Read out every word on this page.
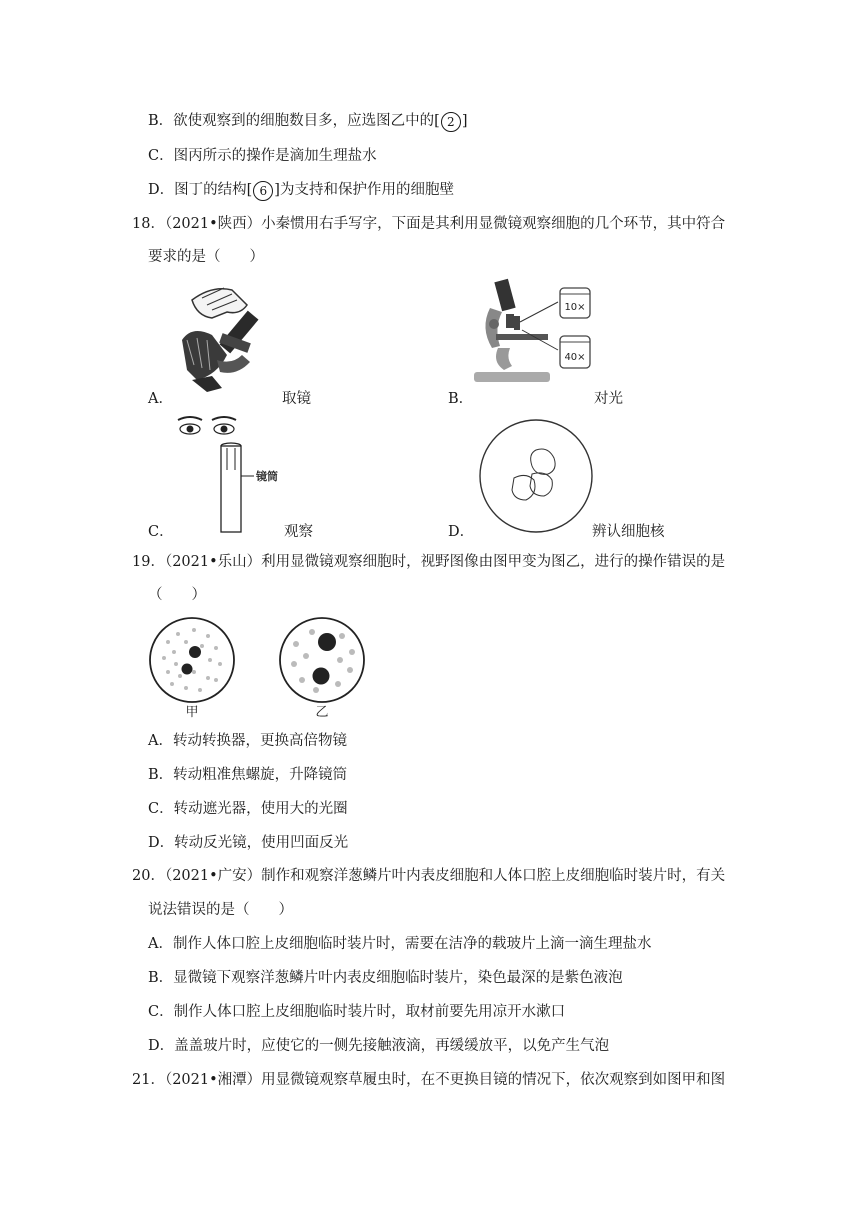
B．欲使观察到的细胞数目多，应选图乙中的[ 2 ]
C．图丙所示的操作是滴加生理盐水
D．图丁的结构[ 6 ]为支持和保护作用的细胞壁
18．（2021•陕西）小秦惯用右手写字，下面是其利用显微镜观察细胞的几个环节，其中符合
要求的是（　　）
10×
40×
A．	取镜	B．	对光
镜筒
C．	观察	D．	辨认细胞核
19．（2021•乐山）利用显微镜观察细胞时，视野图像由图甲变为图乙，进行的操作错误的是
（　　）
甲	乙
A．转动转换器，更换高倍物镜
B．转动粗准焦螺旋，升降镜筒
C．转动遮光器，使用大的光圈
D．转动反光镜，使用凹面反光
20．（2021•广安）制作和观察洋葱鳞片叶内表皮细胞和人体口腔上皮细胞临时装片时，有关
说法错误的是（　　）
A．制作人体口腔上皮细胞临时装片时，需要在洁净的载玻片上滴一滴生理盐水
B．显微镜下观察洋葱鳞片叶内表皮细胞临时装片，染色最深的是紫色液泡
C．制作人体口腔上皮细胞临时装片时，取材前要先用凉开水漱口
D．盖盖玻片时，应使它的一侧先接触液滴，再缓缓放平，以免产生气泡
21．（2021•湘潭）用显微镜观察草履虫时，在不更换目镜的情况下，依次观察到如图甲和图
